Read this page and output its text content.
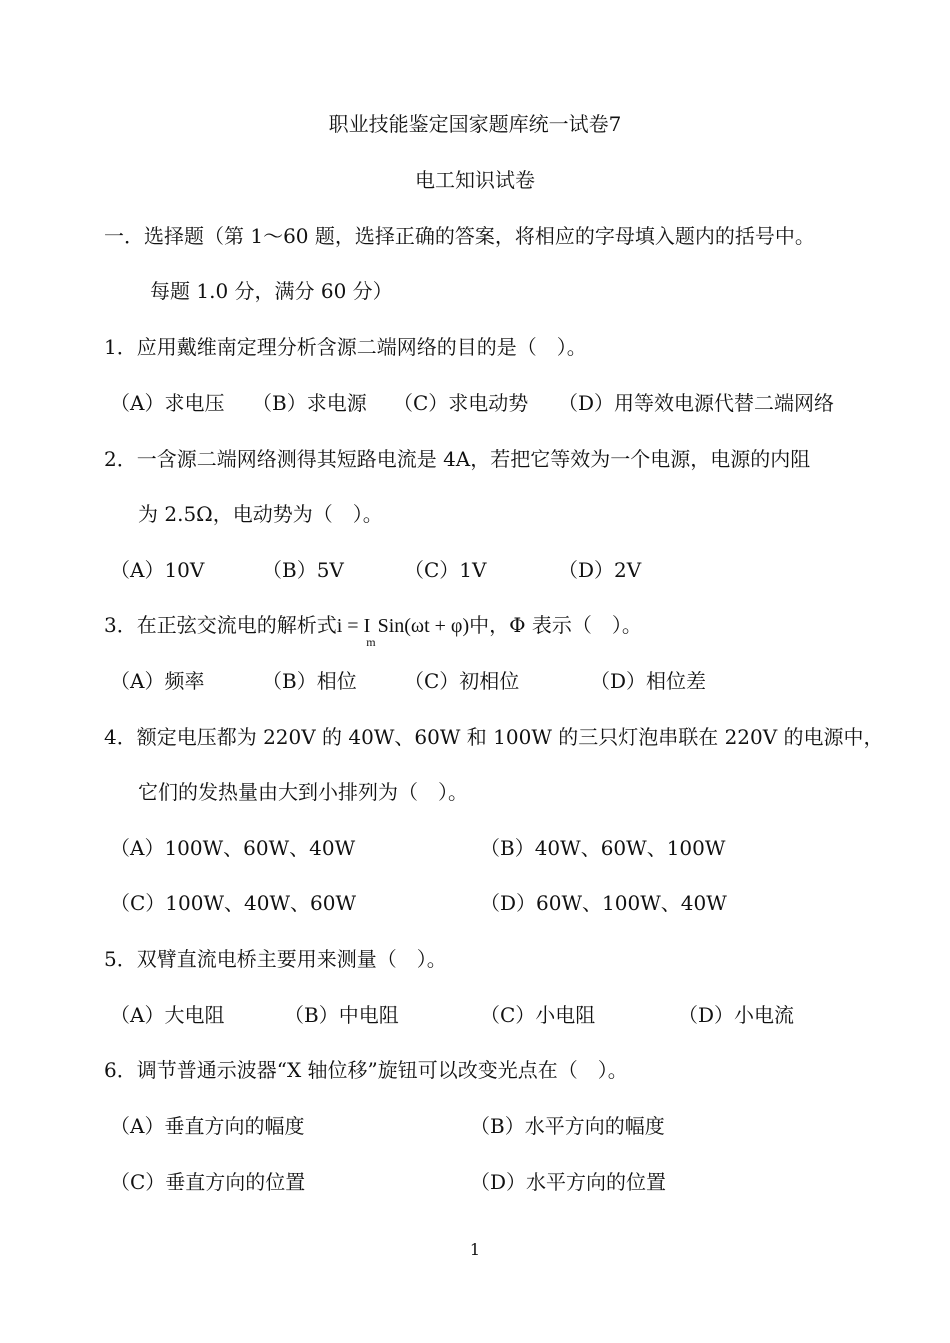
职业技能鉴定国家题库统一试卷7
电工知识试卷
一．选择题（第 1～60 题，选择正确的答案，将相应的字母填入题内的括号中。
每题 1.0 分，满分 60 分）
1．应用戴维南定理分析含源二端网络的目的是（　）。
（A）求电压 （B）求电源 （C）求电动势 （D）用等效电源代替二端网络
2．一含源二端网络测得其短路电流是 4A，若把它等效为一个电源，电源的内阻
为 2.5Ω，电动势为（　）。
（A）10V	（B）5V	（C）1V	（D）2V
3．在正弦交流电的解析式$i = I_mSin(\omega t + \varphi)$中，Φ 表示（　）。
（A）频率	（B）相位 （C）初相位	（D）相位差
4．额定电压都为 220V 的 40W、60W 和 100W 的三只灯泡串联在 220V 的电源中，
它们的发热量由大到小排列为（　）。
（A）100W、60W、40W	（B）40W、60W、100W
（C）100W、40W、60W	（D）60W、100W、40W
5．双臂直流电桥主要用来测量（　）。
（A）大电阻	（B）中电阻	（C）小电阻	（D）小电流
6．调节普通示波器“X 轴位移”旋钮可以改变光点在（　）。
（A）垂直方向的幅度	（B）水平方向的幅度
（C）垂直方向的位置	（D）水平方向的位置
1
